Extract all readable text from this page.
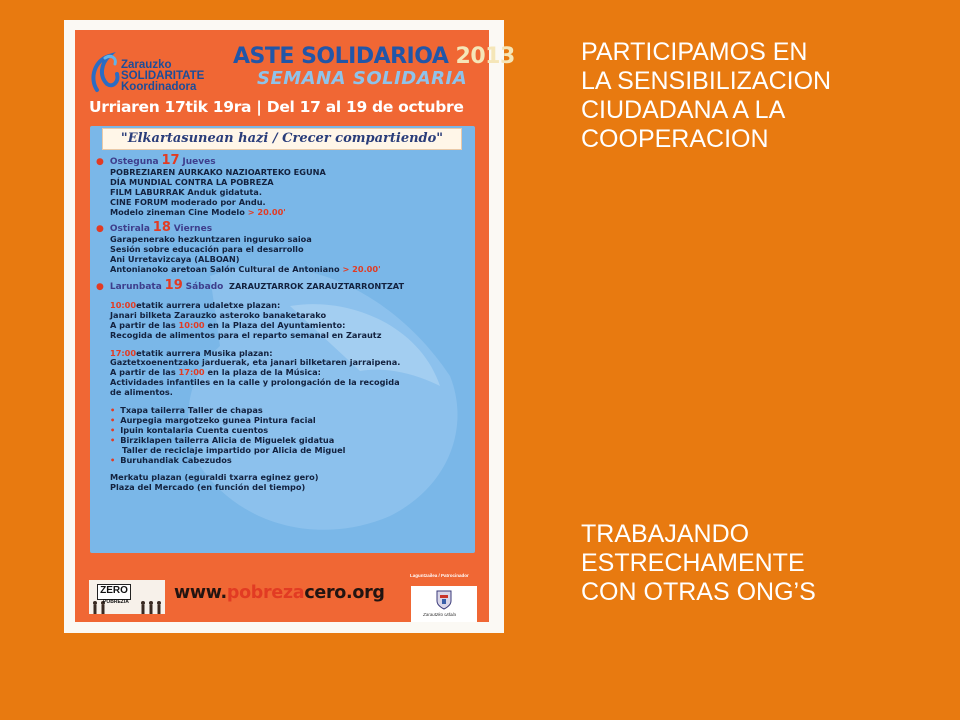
Zarauzko
SOLIDARITATE
Koordinadora
ASTE SOLIDARIOA 2013
SEMANA SOLIDARIA
Urriaren 17tik 19ra | Del 17 al 19 de octubre
"Elkartasunean hazi / Crecer compartiendo"
● Osteguna 17 Jueves
POBREZIAREN AURKAKO NAZIOARTEKO EGUNA
DÍA MUNDIAL CONTRA LA POBREZA
FILM LABURRAK Anduk gidatuta.
CINE FORUM moderado por Andu.
Modelo zineman Cine Modelo > 20.00'
● Ostirala 18 Viernes
Garapenerako hezkuntzaren inguruko saioa
Sesión sobre educación para el desarrollo
Ani Urretavizcaya (ALBOAN)
Antonianoko aretoan Salón Cultural de Antoniano > 20.00'
● Larunbata 19 Sábado ZARAUZTARROK ZARAUZTARRONTZAT
10:00etatik aurrera udaletxe plazan:
Janari bilketa Zarauzko asteroko banaketarako
A partir de las 10:00 en la Plaza del Ayuntamiento:
Recogida de alimentos para el reparto semanal en Zarautz
17:00etatik aurrera Musika plazan:
Gaztetxoenentzako jarduerak, eta janari bilketaren jarraipena.
A partir de las 17:00 en la plaza de la Música:
Actividades infantiles en la calle y prolongación de la recogida
de alimentos.
• Txapa tailerra Taller de chapas
• Aurpegia margotzeko gunea Pintura facial
• Ipuin kontalaria Cuenta cuentos
• Birziklapen tailerra Alicia de Miguelek gidatua
Taller de reciclaje impartido por Alicia de Miguel
• Buruhandiak Cabezudos
Merkatu plazan (eguraldi txarra eginez gero)
Plaza del Mercado (en función del tiempo)
ZERO
POBREZIA	www.pobrezacero.org
Laguntzailea / Patrocinador
Zarautzko Udala
PARTICIPAMOS EN
LA SENSIBILIZACION
CIUDADANA A LA
COOPERACION
TRABAJANDO
ESTRECHAMENTE
CON OTRAS ONG’S
